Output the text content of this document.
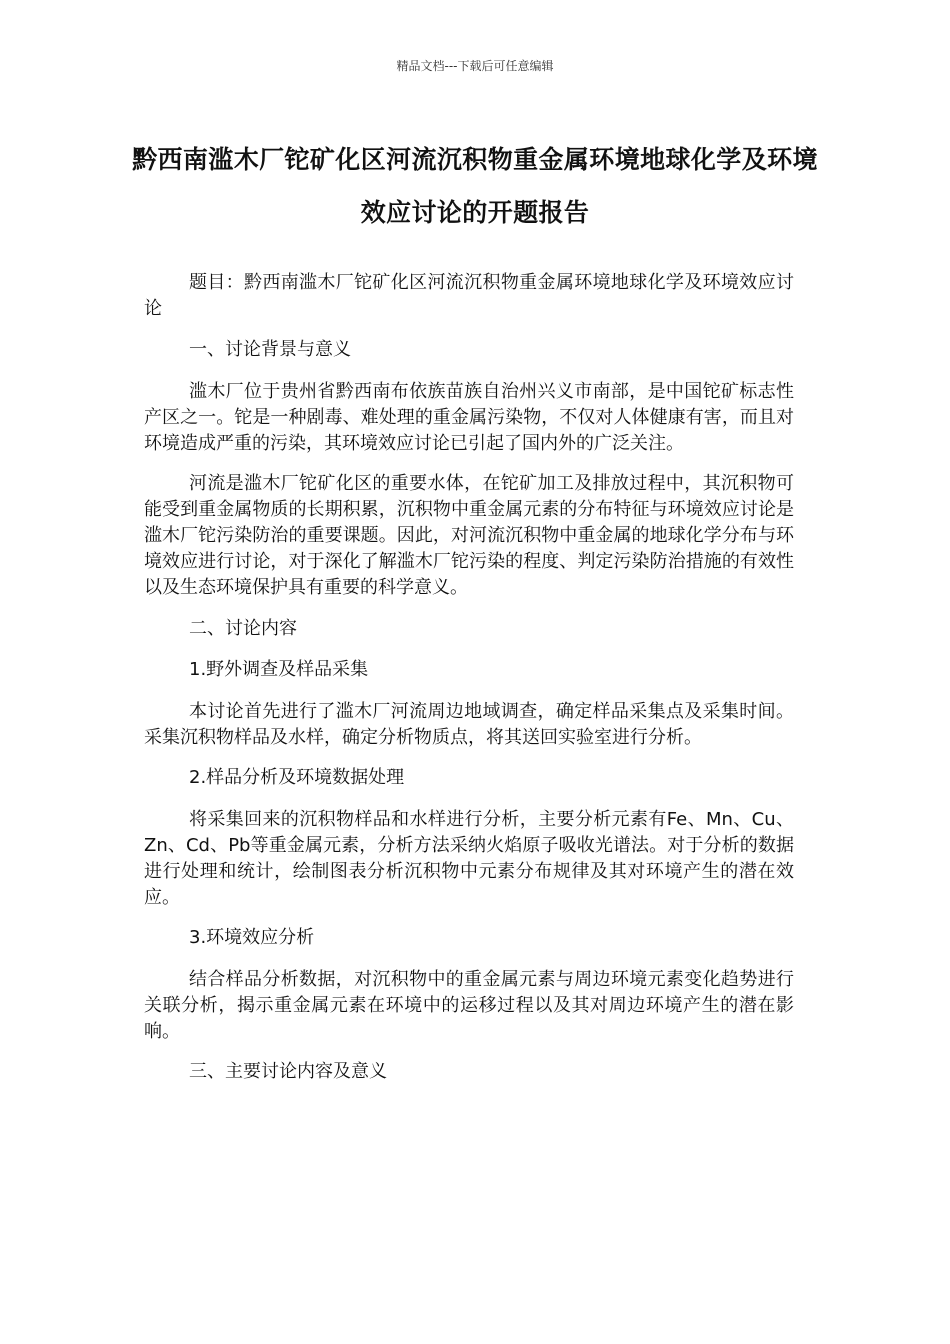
精品文档---下载后可任意编辑
黔西南滥木厂铊矿化区河流沉积物重金属环境地球化学及环境效应讨论的开题报告

题目：黔西南滥木厂铊矿化区河流沉积物重金属环境地球化学及环境效应讨论

一、讨论背景与意义

滥木厂位于贵州省黔西南布依族苗族自治州兴义市南部，是中国铊矿标志性产区之一。铊是一种剧毒、难处理的重金属污染物，不仅对人体健康有害，而且对环境造成严重的污染，其环境效应讨论已引起了国内外的广泛关注。

河流是滥木厂铊矿化区的重要水体，在铊矿加工及排放过程中，其沉积物可能受到重金属物质的长期积累，沉积物中重金属元素的分布特征与环境效应讨论是滥木厂铊污染防治的重要课题。因此，对河流沉积物中重金属的地球化学分布与环境效应进行讨论，对于深化了解滥木厂铊污染的程度、判定污染防治措施的有效性以及生态环境保护具有重要的科学意义。

二、讨论内容

1.野外调查及样品采集

本讨论首先进行了滥木厂河流周边地域调查，确定样品采集点及采集时间。采集沉积物样品及水样，确定分析物质点，将其送回实验室进行分析。

2.样品分析及环境数据处理

将采集回来的沉积物样品和水样进行分析，主要分析元素有Fe、Mn、Cu、Zn、Cd、Pb等重金属元素，分析方法采纳火焰原子吸收光谱法。对于分析的数据进行处理和统计，绘制图表分析沉积物中元素分布规律及其对环境产生的潜在效应。

3.环境效应分析

结合样品分析数据，对沉积物中的重金属元素与周边环境元素变化趋势进行关联分析，揭示重金属元素在环境中的运移过程以及其对周边环境产生的潜在影响。

三、主要讨论内容及意义
